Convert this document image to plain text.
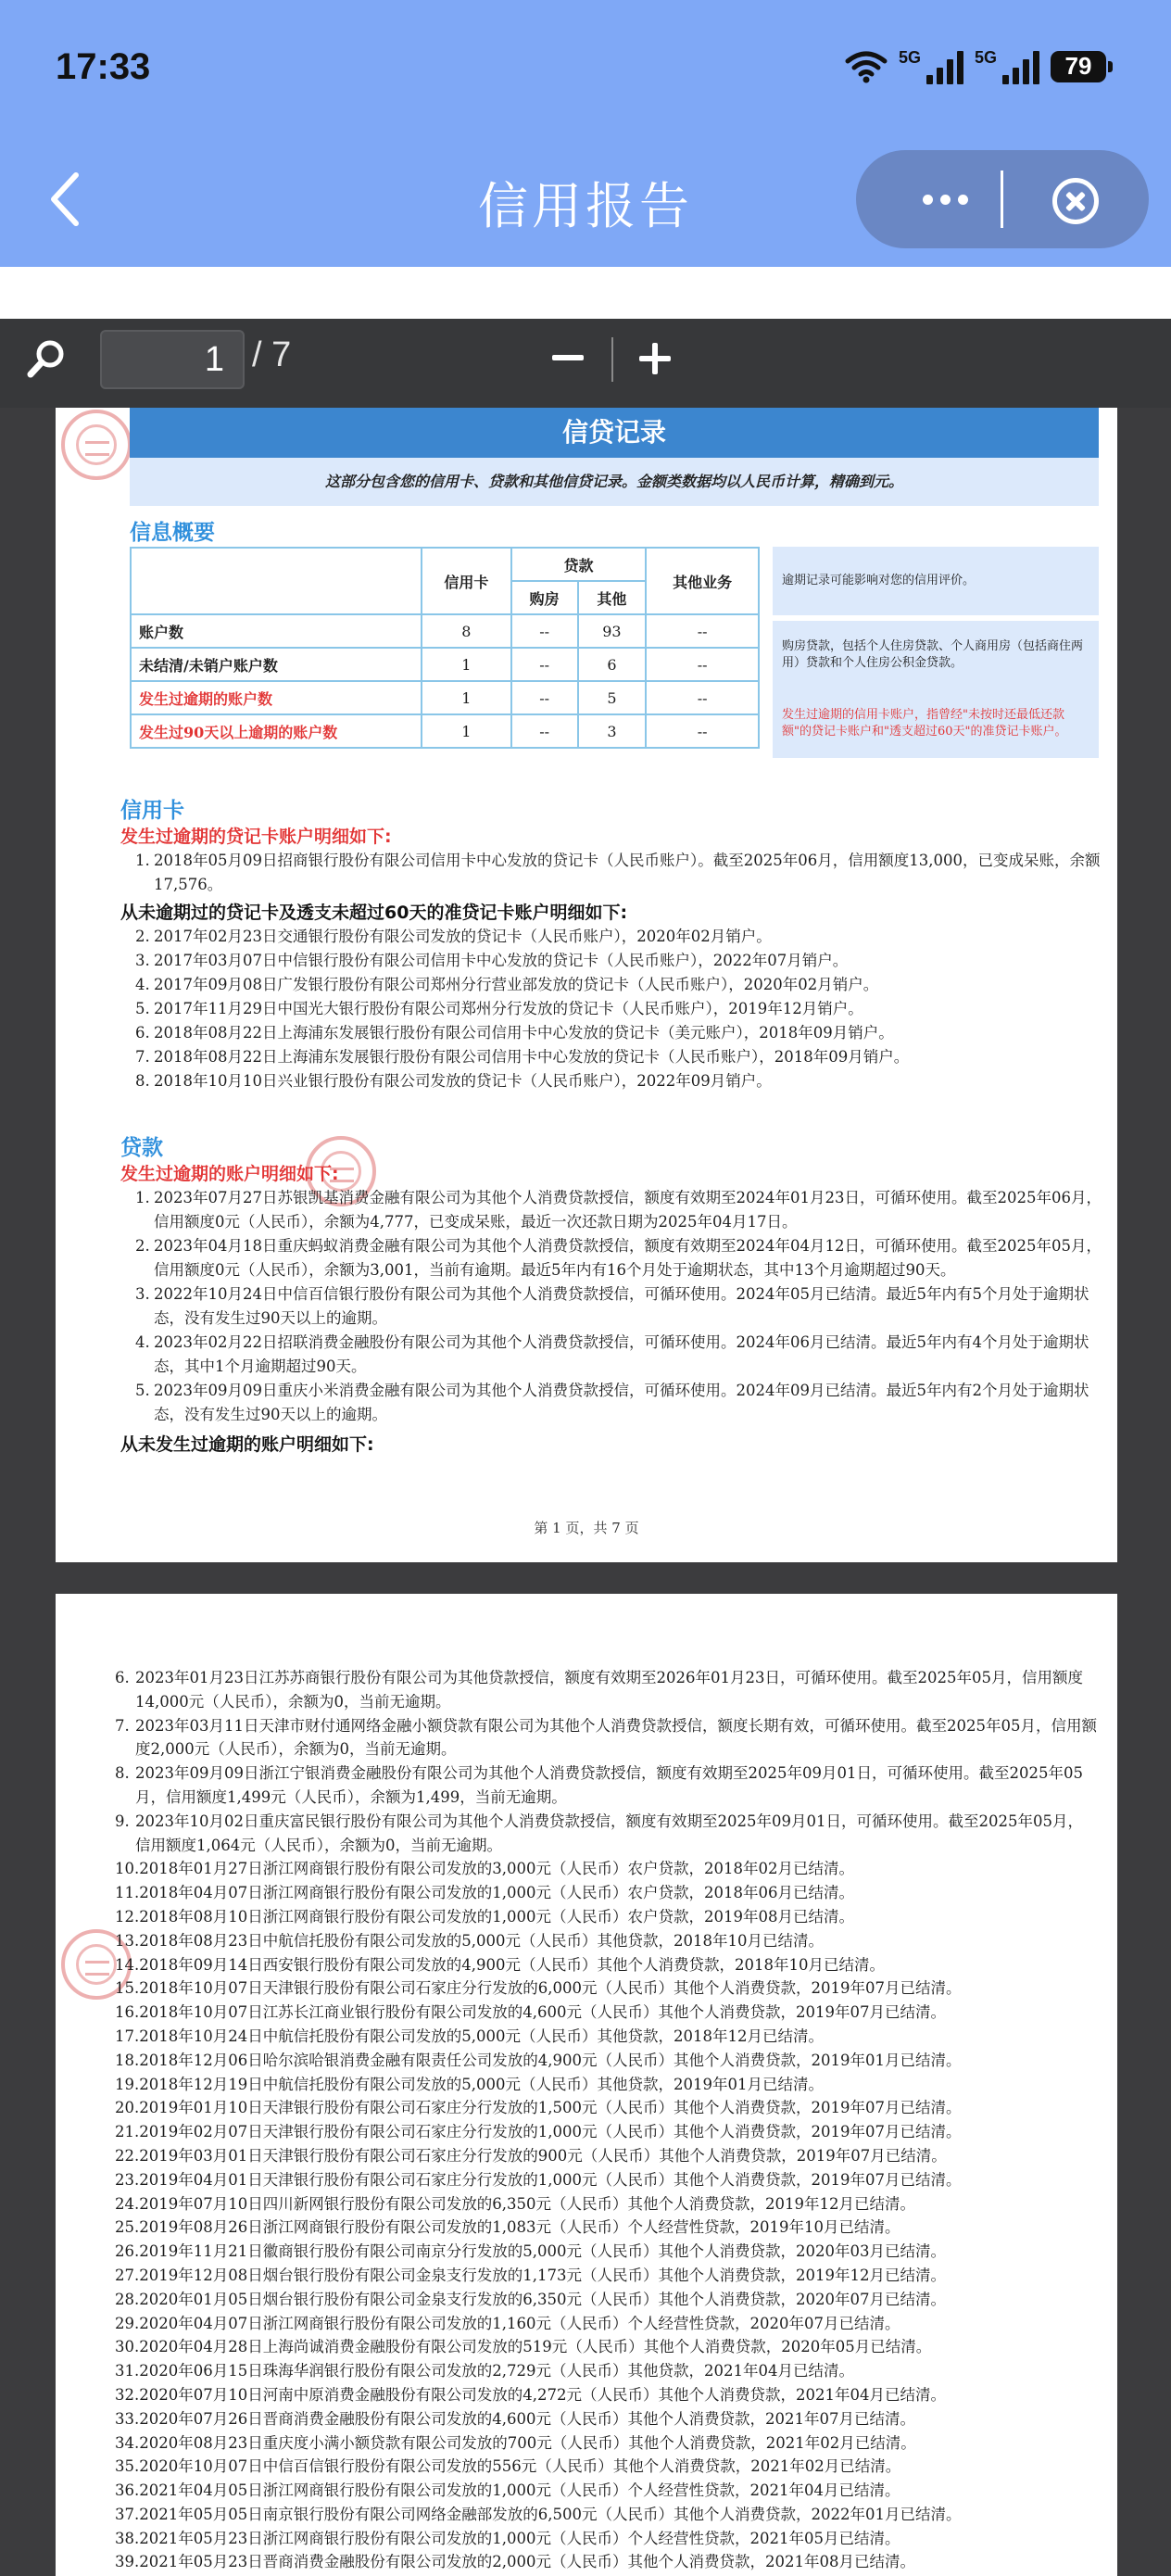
17:33	5G	5G	79
信用报告
1
/ 7
信贷记录
这部分包含您的信用卡、贷款和其他信贷记录。金额类数据均以人民币计算，精确到元。
信息概要
	信用卡	贷款		其他业务
		购房	其他	
账户数	8	--	93	--
未结清/未销户账户数	1	--	6	--
发生过逾期的账户数	1	--	5	--
发生过90天以上逾期的账户数	1	--	3	--
逾期记录可能影响对您的信用评价。
购房贷款，包括个人住房贷款、个人商用房（包括商住两用）贷款和个人住房公积金贷款。
发生过逾期的信用卡账户，指曾经"未按时还最低还款额"的贷记卡账户和"透支超过60天"的准贷记卡账户。
信用卡
发生过逾期的贷记卡账户明细如下:
1. 2018年05月09日招商银行股份有限公司信用卡中心发放的贷记卡（人民币账户）。截至2025年06月，信用额度13,000，已变成呆账，余额17,576。
从未逾期过的贷记卡及透支未超过60天的准贷记卡账户明细如下:
2. 2017年02月23日交通银行股份有限公司发放的贷记卡（人民币账户），2020年02月销户。
3. 2017年03月07日中信银行股份有限公司信用卡中心发放的贷记卡（人民币账户），2022年07月销户。
4. 2017年09月08日广发银行股份有限公司郑州分行营业部发放的贷记卡（人民币账户），2020年02月销户。
5. 2017年11月29日中国光大银行股份有限公司郑州分行发放的贷记卡（人民币账户），2019年12月销户。
6. 2018年08月22日上海浦东发展银行股份有限公司信用卡中心发放的贷记卡（美元账户），2018年09月销户。
7. 2018年08月22日上海浦东发展银行股份有限公司信用卡中心发放的贷记卡（人民币账户），2018年09月销户。
8. 2018年10月10日兴业银行股份有限公司发放的贷记卡（人民币账户），2022年09月销户。
贷款
发生过逾期的账户明细如下:
1. 2023年07月27日苏银凯基消费金融有限公司为其他个人消费贷款授信，额度有效期至2024年01月23日，可循环使用。截至2025年06月，信用额度0元（人民币），余额为4,777，已变成呆账，最近一次还款日期为2025年04月17日。
2. 2023年04月18日重庆蚂蚁消费金融有限公司为其他个人消费贷款授信，额度有效期至2024年04月12日，可循环使用。截至2025年05月，信用额度0元（人民币），余额为3,001，当前有逾期。最近5年内有16个月处于逾期状态，其中13个月逾期超过90天。
3. 2022年10月24日中信百信银行股份有限公司为其他个人消费贷款授信，可循环使用。2024年05月已结清。最近5年内有5个月处于逾期状态，没有发生过90天以上的逾期。
4. 2023年02月22日招联消费金融股份有限公司为其他个人消费贷款授信，可循环使用。2024年06月已结清。最近5年内有4个月处于逾期状态，其中1个月逾期超过90天。
5. 2023年09月09日重庆小米消费金融有限公司为其他个人消费贷款授信，可循环使用。2024年09月已结清。最近5年内有2个月处于逾期状态，没有发生过90天以上的逾期。
从未发生过逾期的账户明细如下:
第 1 页，共 7 页
6. 2023年01月23日江苏苏商银行股份有限公司为其他贷款授信，额度有效期至2026年01月23日，可循环使用。截至2025年05月，信用额度14,000元（人民币），余额为0，当前无逾期。
7. 2023年03月11日天津市财付通网络金融小额贷款有限公司为其他个人消费贷款授信，额度长期有效，可循环使用。截至2025年05月，信用额度2,000元（人民币），余额为0，当前无逾期。
8. 2023年09月09日浙江宁银消费金融股份有限公司为其他个人消费贷款授信，额度有效期至2025年09月01日，可循环使用。截至2025年05月，信用额度1,499元（人民币），余额为1,499，当前无逾期。
9. 2023年10月02日重庆富民银行股份有限公司为其他个人消费贷款授信，额度有效期至2025年09月01日，可循环使用。截至2025年05月，信用额度1,064元（人民币），余额为0，当前无逾期。
10. 2018年01月27日浙江网商银行股份有限公司发放的3,000元（人民币）农户贷款，2018年02月已结清。
11. 2018年04月07日浙江网商银行股份有限公司发放的1,000元（人民币）农户贷款，2018年06月已结清。
12. 2018年08月10日浙江网商银行股份有限公司发放的1,000元（人民币）农户贷款，2019年08月已结清。
13. 2018年08月23日中航信托股份有限公司发放的5,000元（人民币）其他贷款，2018年10月已结清。
14. 2018年09月14日西安银行股份有限公司发放的4,900元（人民币）其他个人消费贷款，2018年10月已结清。
15. 2018年10月07日天津银行股份有限公司石家庄分行发放的6,000元（人民币）其他个人消费贷款，2019年07月已结清。
16. 2018年10月07日江苏长江商业银行股份有限公司发放的4,600元（人民币）其他个人消费贷款，2019年07月已结清。
17. 2018年10月24日中航信托股份有限公司发放的5,000元（人民币）其他贷款，2018年12月已结清。
18. 2018年12月06日哈尔滨哈银消费金融有限责任公司发放的4,900元（人民币）其他个人消费贷款，2019年01月已结清。
19. 2018年12月19日中航信托股份有限公司发放的5,000元（人民币）其他贷款，2019年01月已结清。
20. 2019年01月10日天津银行股份有限公司石家庄分行发放的1,500元（人民币）其他个人消费贷款，2019年07月已结清。
21. 2019年02月07日天津银行股份有限公司石家庄分行发放的1,000元（人民币）其他个人消费贷款，2019年07月已结清。
22. 2019年03月01日天津银行股份有限公司石家庄分行发放的900元（人民币）其他个人消费贷款，2019年07月已结清。
23. 2019年04月01日天津银行股份有限公司石家庄分行发放的1,000元（人民币）其他个人消费贷款，2019年07月已结清。
24. 2019年07月10日四川新网银行股份有限公司发放的6,350元（人民币）其他个人消费贷款，2019年12月已结清。
25. 2019年08月26日浙江网商银行股份有限公司发放的1,083元（人民币）个人经营性贷款，2019年10月已结清。
26. 2019年11月21日徽商银行股份有限公司南京分行发放的5,000元（人民币）其他个人消费贷款，2020年03月已结清。
27. 2019年12月08日烟台银行股份有限公司金泉支行发放的1,173元（人民币）其他个人消费贷款，2019年12月已结清。
28. 2020年01月05日烟台银行股份有限公司金泉支行发放的6,350元（人民币）其他个人消费贷款，2020年07月已结清。
29. 2020年04月07日浙江网商银行股份有限公司发放的1,160元（人民币）个人经营性贷款，2020年07月已结清。
30. 2020年04月28日上海尚诚消费金融股份有限公司发放的519元（人民币）其他个人消费贷款，2020年05月已结清。
31. 2020年06月15日珠海华润银行股份有限公司发放的2,729元（人民币）其他贷款，2021年04月已结清。
32. 2020年07月10日河南中原消费金融股份有限公司发放的4,272元（人民币）其他个人消费贷款，2021年04月已结清。
33. 2020年07月26日晋商消费金融股份有限公司发放的4,600元（人民币）其他个人消费贷款，2021年07月已结清。
34. 2020年08月23日重庆度小满小额贷款有限公司发放的700元（人民币）其他个人消费贷款，2021年02月已结清。
35. 2020年10月07日中信百信银行股份有限公司发放的556元（人民币）其他个人消费贷款，2021年02月已结清。
36. 2021年04月05日浙江网商银行股份有限公司发放的1,000元（人民币）个人经营性贷款，2021年04月已结清。
37. 2021年05月05日南京银行股份有限公司网络金融部发放的6,500元（人民币）其他个人消费贷款，2022年01月已结清。
38. 2021年05月23日浙江网商银行股份有限公司发放的1,000元（人民币）个人经营性贷款，2021年05月已结清。
39. 2021年05月23日晋商消费金融股份有限公司发放的2,000元（人民币）其他个人消费贷款，2021年08月已结清。
